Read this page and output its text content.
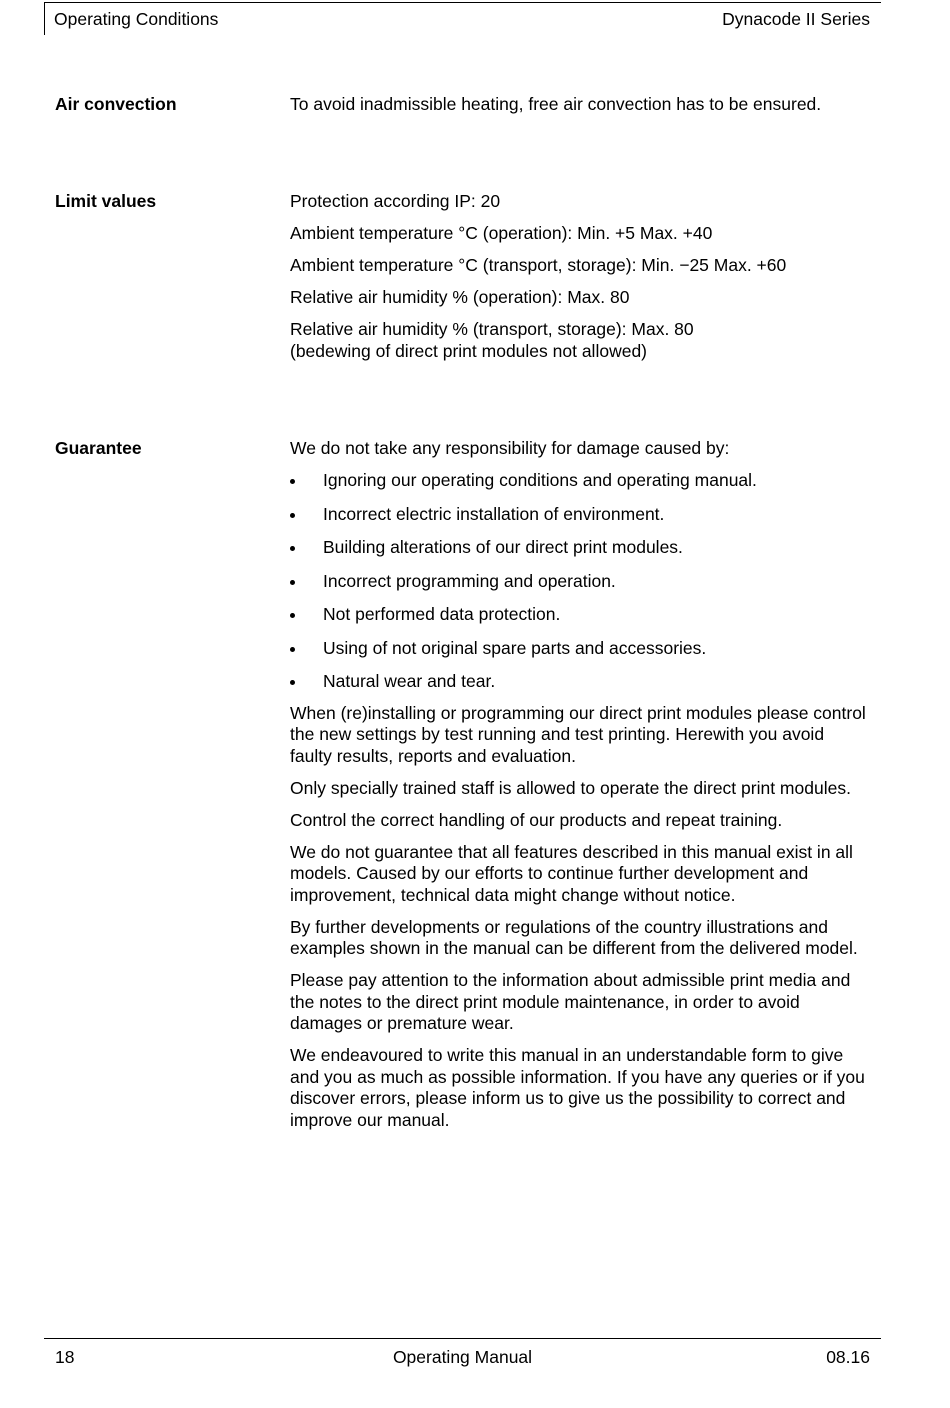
Operating Conditions	Dynacode II Series
Air convection	To avoid inadmissible heating, free air convection has to be ensured.

Limit values	Protection according IP: 20

Ambient temperature °C (operation): Min. +5 Max. +40

Ambient temperature °C (transport, storage): Min. −25 Max. +60

Relative air humidity % (operation): Max. 80

Relative air humidity % (transport, storage): Max. 80

(bedewing of direct print modules not allowed)

Guarantee	We do not take any responsibility for damage caused by:

Ignoring our operating conditions and operating manual.
Incorrect electric installation of environment.
Building alterations of our direct print modules.
Incorrect programming and operation.
Not performed data protection.
Using of not original spare parts and accessories.
Natural wear and tear.

When (re)installing or programming our direct print modules please control the new settings by test running and test printing. Herewith you avoid faulty results, reports and evaluation.

Only specially trained staff is allowed to operate the direct print modules.

Control the correct handling of our products and repeat training.

We do not guarantee that all features described in this manual exist in all models. Caused by our efforts to continue further development and improvement, technical data might change without notice.

By further developments or regulations of the country illustrations and examples shown in the manual can be different from the delivered model.

Please pay attention to the information about admissible print media and the notes to the direct print module maintenance, in order to avoid damages or premature wear.

We endeavoured to write this manual in an understandable form to give and you as much as possible information. If you have any queries or if you discover errors, please inform us to give us the possibility to correct and improve our manual.

18	Operating Manual	08.16
